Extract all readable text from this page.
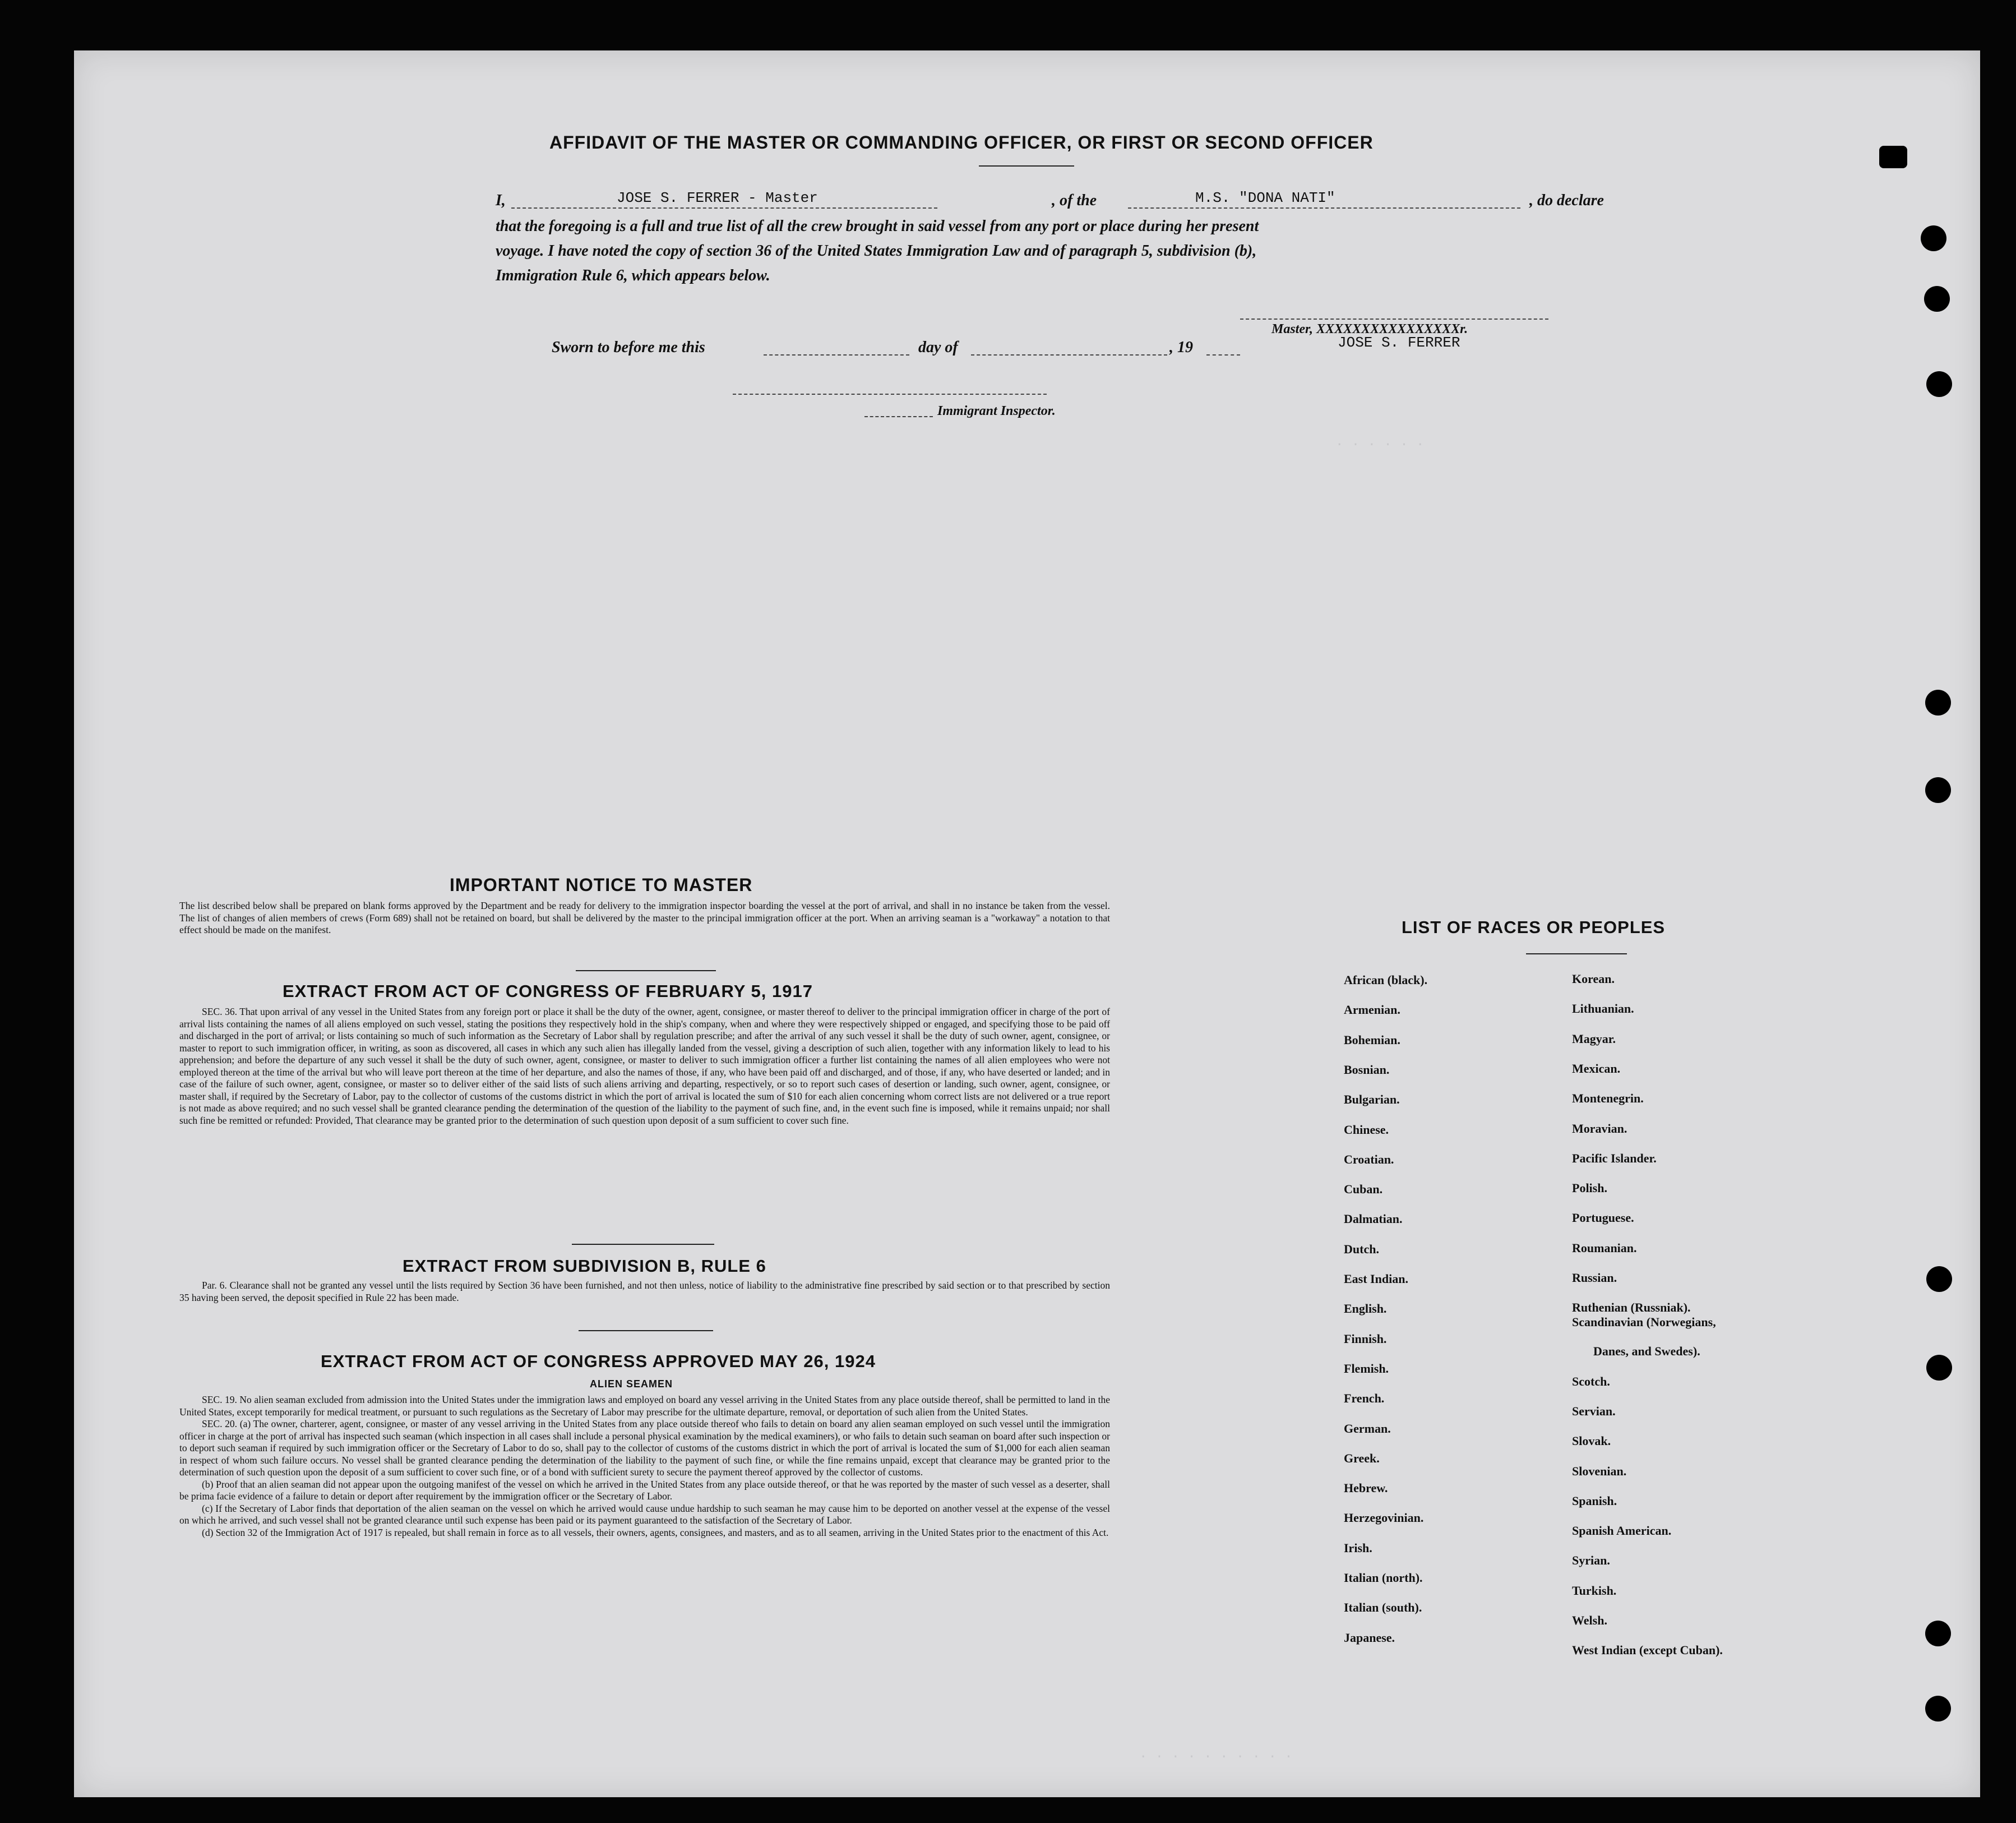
· · · · · ·
· · · · · · · · · ·
AFFIDAVIT OF THE MASTER OR COMMANDING OFFICER, OR FIRST OR SECOND OFFICER
I,	JOSE S. FERRER - Master	, of the	M.S. "DONA NATI"	, do declare
that the foregoing is a full and true list of all the crew brought in said vessel from any port or place during her present
voyage. I have noted the copy of section 36 of the United States Immigration Law and of paragraph 5, subdivision (b),
Immigration Rule 6, which appears below.
Master, XXXXXXXXXXXXXXXXr.
JOSE S. FERRER
Sworn to before me this	day of	, 19
Immigrant Inspector.
IMPORTANT NOTICE TO MASTER
The list described below shall be prepared on blank forms approved by the Department and be ready for delivery to the immigration inspector boarding the vessel at the port of arrival, and shall in no instance be taken from the vessel. The list of changes of alien members of crews (Form 689) shall not be retained on board, but shall be delivered by the master to the principal immigration officer at the port. When an arriving seaman is a "workaway" a notation to that effect should be made on the manifest.
EXTRACT FROM ACT OF CONGRESS OF FEBRUARY 5, 1917

SEC. 36. That upon arrival of any vessel in the United States from any foreign port or place it shall be the duty of the owner, agent, consignee, or master thereof to deliver to the principal immigration officer in charge of the port of arrival lists containing the names of all aliens employed on such vessel, stating the positions they respectively hold in the ship's company, when and where they were respectively shipped or engaged, and specifying those to be paid off and discharged in the port of arrival; or lists containing so much of such information as the Secretary of Labor shall by regulation prescribe; and after the arrival of any such vessel it shall be the duty of such owner, agent, consignee, or master to report to such immigration officer, in writing, as soon as discovered, all cases in which any such alien has illegally landed from the vessel, giving a description of such alien, together with any information likely to lead to his apprehension; and before the departure of any such vessel it shall be the duty of such owner, agent, consignee, or master to deliver to such immigration officer a further list containing the names of all alien employees who were not employed thereon at the time of the arrival but who will leave port thereon at the time of her departure, and also the names of those, if any, who have been paid off and discharged, and of those, if any, who have deserted or landed; and in case of the failure of such owner, agent, consignee, or master so to deliver either of the said lists of such aliens arriving and departing, respectively, or so to report such cases of desertion or landing, such owner, agent, consignee, or master shall, if required by the Secretary of Labor, pay to the collector of customs of the customs district in which the port of arrival is located the sum of $10 for each alien concerning whom correct lists are not delivered or a true report is not made as above required; and no such vessel shall be granted clearance pending the determination of the question of the liability to the payment of such fine, and, in the event such fine is imposed, while it remains unpaid; nor shall such fine be remitted or refunded: Provided, That clearance may be granted prior to the determination of such question upon deposit of a sum sufficient to cover such fine.

EXTRACT FROM SUBDIVISION B, RULE 6

Par. 6. Clearance shall not be granted any vessel until the lists required by Section 36 have been furnished, and not then unless, notice of liability to the administrative fine prescribed by said section or to that prescribed by section 35 having been served, the deposit specified in Rule 22 has been made.

EXTRACT FROM ACT OF CONGRESS APPROVED MAY 26, 1924
ALIEN SEAMEN

SEC. 19. No alien seaman excluded from admission into the United States under the immigration laws and employed on board any vessel arriving in the United States from any place outside thereof, shall be permitted to land in the United States, except temporarily for medical treatment, or pursuant to such regulations as the Secretary of Labor may prescribe for the ultimate departure, removal, or deportation of such alien from the United States.

SEC. 20. (a) The owner, charterer, agent, consignee, or master of any vessel arriving in the United States from any place outside thereof who fails to detain on board any alien seaman employed on such vessel until the immigration officer in charge at the port of arrival has inspected such seaman (which inspection in all cases shall include a personal physical examination by the medical examiners), or who fails to detain such seaman on board after such inspection or to deport such seaman if required by such immigration officer or the Secretary of Labor to do so, shall pay to the collector of customs of the customs district in which the port of arrival is located the sum of $1,000 for each alien seaman in respect of whom such failure occurs. No vessel shall be granted clearance pending the determination of the liability to the payment of such fine, or while the fine remains unpaid, except that clearance may be granted prior to the determination of such question upon the deposit of a sum sufficient to cover such fine, or of a bond with sufficient surety to secure the payment thereof approved by the collector of customs.

(b) Proof that an alien seaman did not appear upon the outgoing manifest of the vessel on which he arrived in the United States from any place outside thereof, or that he was reported by the master of such vessel as a deserter, shall be prima facie evidence of a failure to detain or deport after requirement by the immigration officer or the Secretary of Labor.

(c) If the Secretary of Labor finds that deportation of the alien seaman on the vessel on which he arrived would cause undue hardship to such seaman he may cause him to be deported on another vessel at the expense of the vessel on which he arrived, and such vessel shall not be granted clearance until such expense has been paid or its payment guaranteed to the satisfaction of the Secretary of Labor.

(d) Section 32 of the Immigration Act of 1917 is repealed, but shall remain in force as to all vessels, their owners, agents, consignees, and masters, and as to all seamen, arriving in the United States prior to the enactment of this Act.

LIST OF RACES OR PEOPLES
African (black).
Armenian.
Bohemian.
Bosnian.
Bulgarian.
Chinese.
Croatian.
Cuban.
Dalmatian.
Dutch.
East Indian.
English.
Finnish.
Flemish.
French.
German.
Greek.
Hebrew.
Herzegovinian.
Irish.
Italian (north).
Italian (south).
Japanese.
Korean.
Lithuanian.
Magyar.
Mexican.
Montenegrin.
Moravian.
Pacific Islander.
Polish.
Portuguese.
Roumanian.
Russian.
Ruthenian (Russniak).
Scandinavian (Norwegians,
Danes, and Swedes).
Scotch.
Servian.
Slovak.
Slovenian.
Spanish.
Spanish American.
Syrian.
Turkish.
Welsh.
West Indian (except Cuban).
